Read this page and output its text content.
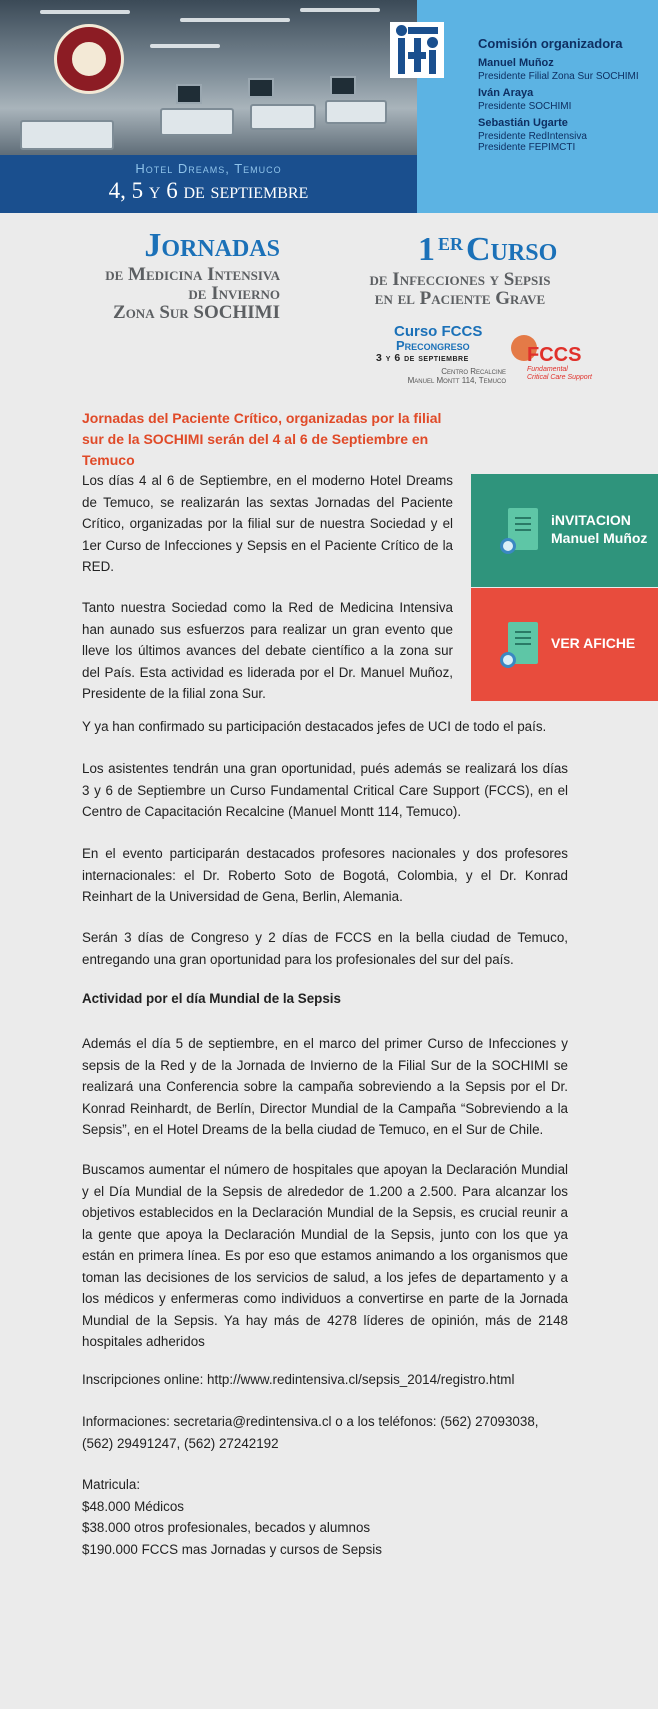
Hotel Dreams, Temuco
4, 5 y 6 de septiembre
Comisión organizadora
Manuel Muñoz
Presidente Filial Zona Sur SOCHIMI
Iván Araya
Presidente SOCHIMI
Sebastián Ugarte
Presidente RedIntensiva
Presidente FEPIMCTI
Jornadas
de Medicina Intensiva
de Invierno
Zona Sur SOCHIMI
1 ER Curso
de Infecciones y Sepsis
en el Paciente Grave
Curso FCCS
Precongreso
3 y 6 de septiembre
Centro Recalcine
Manuel Montt 114, Temuco
FCCS
Fundamental
Critical Care Support
Jornadas del Paciente Crítico, organizadas por la filial sur de la SOCHIMI serán del 4 al 6 de Septiembre en Temuco
iNVITACION
Manuel Muñoz
VER AFICHE
Los días 4 al 6 de Septiembre, en el moderno Hotel Dreams de Temuco, se realizarán las sextas Jornadas del Paciente Crítico, organizadas por la filial sur de nuestra Sociedad y el 1er Curso de Infecciones y Sepsis en el Paciente Crítico de la RED.
Tanto nuestra Sociedad como la Red de Medicina Intensiva han aunado sus esfuerzos para realizar un gran evento que lleve los últimos avances del debate científico a la zona sur del País. Esta actividad es liderada por el Dr. Manuel Muñoz, Presidente de la filial zona Sur.
Y ya han confirmado su participación destacados jefes de UCI de todo el país.
Los asistentes tendrán una gran oportunidad, pués además se realizará los días 3 y 6 de Septiembre un Curso Fundamental Critical Care Support (FCCS), en el Centro de Capacitación Recalcine (Manuel Montt 114, Temuco).
En el evento participarán destacados profesores nacionales y dos profesores internacionales: el Dr. Roberto Soto de Bogotá, Colombia, y el Dr. Konrad Reinhart de la Universidad de Gena, Berlin, Alemania.
Serán 3 días de Congreso y 2 días de FCCS en la bella ciudad de Temuco, entregando una gran oportunidad para los profesionales del sur del país.
Actividad por el día Mundial de la Sepsis
Además el día 5 de septiembre, en el marco del primer Curso de Infecciones y sepsis de la Red y de la Jornada de Invierno de la Filial Sur de la SOCHIMI se realizará una Conferencia sobre la campaña sobreviendo a la Sepsis por el Dr. Konrad Reinhardt, de Berlín, Director Mundial de la Campaña “Sobreviendo a la Sepsis”, en el Hotel Dreams de la bella ciudad de Temuco, en el Sur de Chile.
Buscamos aumentar el número de hospitales que apoyan la Declaración Mundial y el Día Mundial de la Sepsis de alrededor de 1.200 a 2.500. Para alcanzar los objetivos establecidos en la Declaración Mundial de la Sepsis, es crucial reunir a la gente que apoya la Declaración Mundial de la Sepsis, junto con los que ya están en primera línea. Es por eso que estamos animando a los organismos que toman las decisiones de los servicios de salud, a los jefes de departamento y a los médicos y enfermeras como individuos a convertirse en parte de la Jornada Mundial de la Sepsis. Ya hay más de 4278 líderes de opinión, más de 2148 hospitales adheridos
Inscripciones online: http://www.redintensiva.cl/sepsis_2014/registro.html
Informaciones: secretaria@redintensiva.cl o a los teléfonos: (562) 27093038,
(562) 29491247, (562) 27242192
Matricula:
$48.000 Médicos
$38.000 otros profesionales, becados y alumnos
$190.000 FCCS mas Jornadas y cursos de Sepsis
